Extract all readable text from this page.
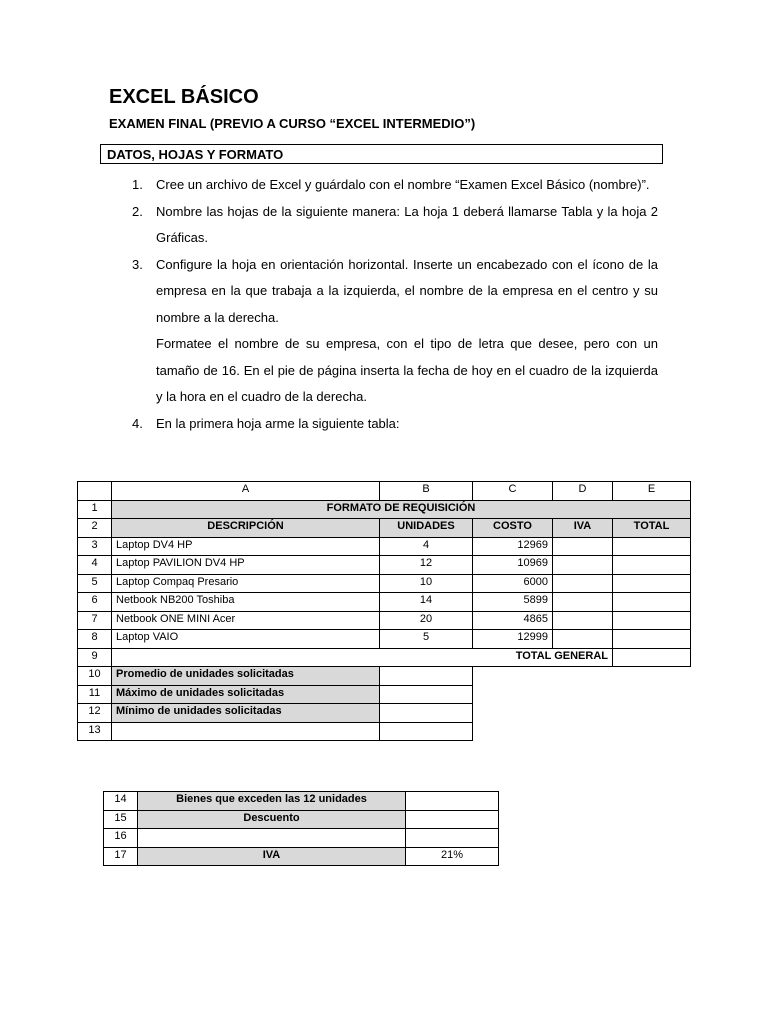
EXCEL BÁSICO
EXAMEN FINAL (PREVIO A CURSO “EXCEL INTERMEDIO”)
DATOS, HOJAS Y FORMATO
1. Cree un archivo de Excel y guárdalo con el nombre “Examen Excel Básico (nombre)”.
2. Nombre las hojas de la siguiente manera: La hoja 1 deberá llamarse Tabla y la hoja 2 Gráficas.
3. Configure la hoja en orientación horizontal. Inserte un encabezado con el ícono de la empresa en la que trabaja a la izquierda, el nombre de la empresa en el centro y su nombre a la derecha.
Formatee el nombre de su empresa, con el tipo de letra que desee, pero con un tamaño de 16. En el pie de página inserta la fecha de hoy en el cuadro de la izquierda y la hora en el cuadro de la derecha.
4. En la primera hoja arme la siguiente tabla:
	A	B	C	D	E
1	FORMATO DE REQUISICIÓN				
2	DESCRIPCIÓN	UNIDADES	COSTO	IVA	TOTAL
3	Laptop DV4 HP	4	12969		
4	Laptop PAVILION DV4 HP	12	10969		
5	Laptop Compaq Presario	10	6000		
6	Netbook NB200 Toshiba	14	5899		
7	Netbook ONE MINI Acer	20	4865		
8	Laptop VAIO	5	12999		
9	TOTAL GENERAL				
10	Promedio de unidades solicitadas				
11	Máximo de unidades solicitadas				
12	Mínimo de unidades solicitadas				
13					
14	Bienes que exceden las 12 unidades	
15	Descuento	
16		
17	IVA	21%
